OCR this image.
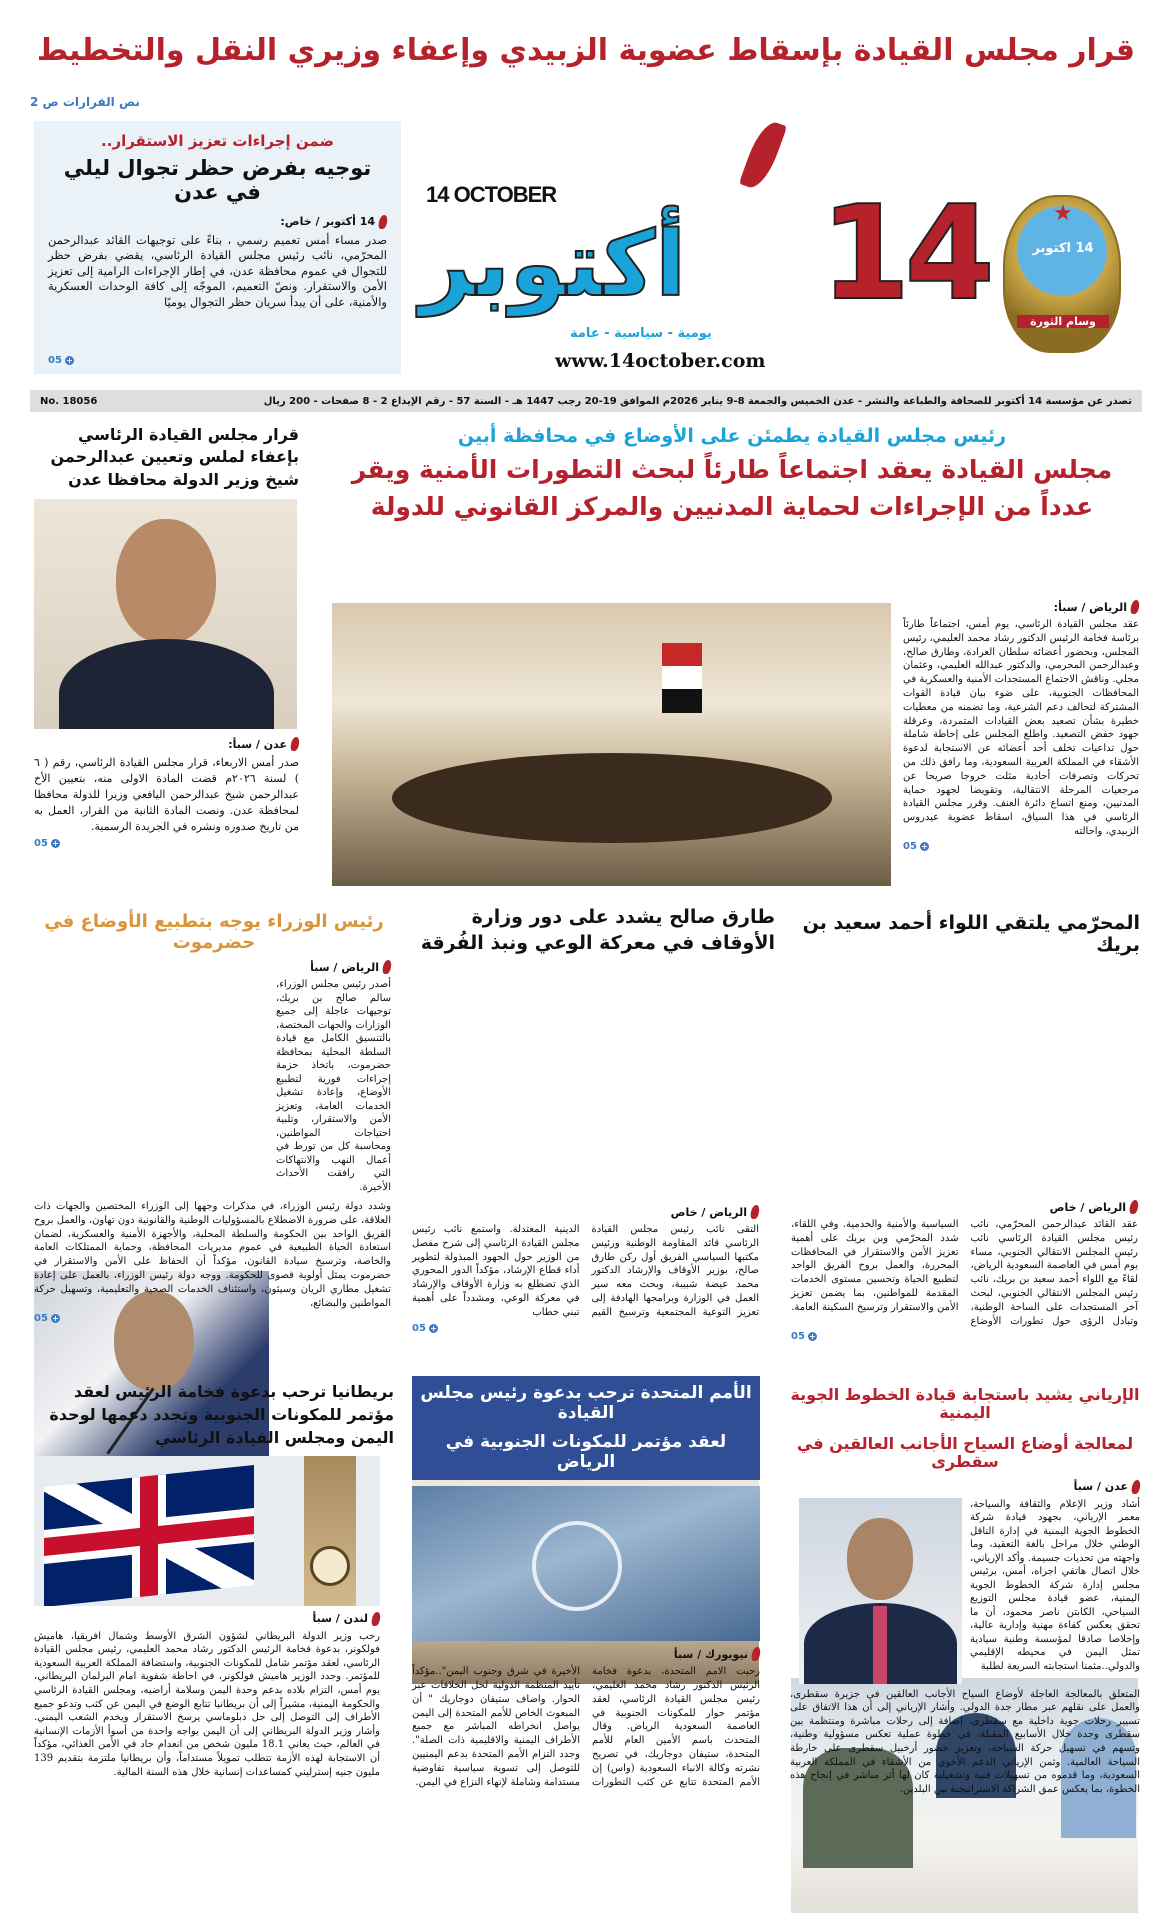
قرار مجلس القيادة بإسقاط عضوية الزبيدي وإعفاء وزيري النقل والتخطيط
نص القرارات ص 2
ضمن إجراءات تعزيز الاستقرار..
توجيه بفرض حظر تجوال ليلي في عدن
14 أكتوبر / خاص:
صدر مساء أمس تعميم رسمي ، بناءً على توجيهات القائد عبدالرحمن المحرّمي، نائب رئيس مجلس القيادة الرئاسي، يقضي بفرض حظر للتجوال في عموم محافظة عدن، في إطار الإجراءات الرامية إلى تعزيز الأمن والاستقرار. ونصّ التعميم، الموجّه إلى كافة الوحدات العسكرية والأمنية، على أن يبدأ سريان حظر التجوال يوميًا
05 +
14 OCTOBER
أكتوبر 14
يومية - سياسية - عامة
www.14october.com
★
14 اكتوبر
وسام الثورة
No. 18056	تصدر عن مؤسسة 14 أكتوبر للصحافة والطباعة والنشر - عدن الخميس والجمعة 8-9 يناير 2026م الموافق 19-20 رجب 1447 هـ - السنة 57 - رقم الإيداع 2 - 8 صفحات - 200 ريال
قرار مجلس القيادة الرئاسي بإعفاء لملس وتعيين عبدالرحمن شيخ وزير الدولة محافظا عدن
عدن / سبأ:
صدر أمس الاربعاء، قرار مجلس القيادة الرئاسي، رقم ( ٦ ) لسنة ٢٠٢٦م قضت المادة الاولى منه، بتعيين الأخ عبدالرحمن شيخ عبدالرحمن اليافعي وزيرا للدولة محافظا لمحافظة عدن. ونصت المادة الثانية من القرار، العمل به من تاريخ صدوره ونشره في الجريدة الرسمية.
05 +
رئيس مجلس القيادة يطمئن على الأوضاع في محافظة أبين
مجلس القيادة يعقد اجتماعاً طارئاً لبحث التطورات الأمنية ويقر
عدداً من الإجراءات لحماية المدنيين والمركز القانوني للدولة
الرياض / سبأ:
عقد مجلس القيادة الرئاسي، يوم أمس، اجتماعاً طارئاً برئاسة فخامة الرئيس الدكتور رشاد محمد العليمي، رئيس المجلس، وبحضور أعضائه سلطان العرادة، وطارق صالح، وعبدالرحمن المحرمي، والدكتور عبدالله العليمي، وعثمان مجلي. وناقش الاجتماع المستجدات الأمنية والعسكرية في المحافظات الجنوبية، على ضوء بيان قيادة القوات المشتركة لتحالف دعم الشرعية، وما تضمنه من معطيات خطيرة بشأن تصعيد بعض القيادات المتمردة، وعرقلة جهود خفض التصعيد. واطلع المجلس على إحاطة شاملة حول تداعيات تخلف أحد أعضائه عن الاستجابة لدعوة الأشقاء في المملكة العربية السعودية، وما رافق ذلك من تحركات وتصرفات أحادية مثلت خروجا صريحا عن مرجعيات المرحلة الانتقالية، وتقويضا لجهود حماية المدنيين، ومنع اتساع دائرة العنف. وقرر مجلس القيادة الرئاسي في هذا السياق، اسقاط عضوية عيدروس الزبيدي، واحالته
05 +
رئيس الوزراء يوجه بتطبيع الأوضاع في حضرموت
الرياض / سبأ
أصدر رئيس مجلس الوزراء، سالم صالح بن بريك، توجيهات عاجلة إلى جميع الوزارات والجهات المختصة، بالتنسيق الكامل مع قيادة السلطة المحلية بمحافظة حضرموت، باتخاذ حزمة إجراءات فورية لتطبيع الأوضاع، وإعادة تشغيل الخدمات العامة، وتعزيز الأمن والاستقرار، وتلبية احتياجات المواطنين، ومحاسبة كل من تورط في أعمال النهب والانتهاكات التي رافقت الأحداث الأخيرة.
وشدد دولة رئيس الوزراء، في مذكرات وجهها إلى الوزراء المختصين والجهات ذات العلاقة، على ضرورة الاضطلاع بالمسؤوليات الوطنية والقانونية دون تهاون، والعمل بروح الفريق الواحد بين الحكومة والسلطة المحلية، والأجهزة الأمنية والعسكرية، لضمان استعادة الحياة الطبيعية في عموم مديريات المحافظة، وحماية الممتلكات العامة والخاصة، وترسيخ سيادة القانون، مؤكداً أن الحفاظ على الأمن والاستقرار في حضرموت يمثل أولوية قصوى للحكومة. ووجه دولة رئيس الوزراء، بالعمل على إعادة تشغيل مطاري الريان وسيئون، واستئناف الخدمات الصحية والتعليمية، وتسهيل حركة المواطنين والبضائع،
05 +
طارق صالح يشدد على دور وزارة الأوقاف في معركة الوعي ونبذ الفُرقة
الرياض / خاص
التقى نائب رئيس مجلس القيادة الرئاسي قائد المقاومة الوطنية ورئيس مكتبها السياسي الفريق أول ركن طارق صالح، بوزير الأوقاف والإرشاد الدكتور محمد عيضة شبيبة، وبحث معه سير العمل في الوزارة وبرامجها الهادفة إلى تعزيز التوعية المجتمعية وترسيخ القيم الدينية المعتدلة. واستمع نائب رئيس مجلس القيادة الرئاسي إلى شرح مفصل من الوزير حول الجهود المبذولة لتطوير أداء قطاع الإرشاد، مؤكداً الدور المحوري الذي تضطلع به وزارة الأوقاف والإرشاد في معركة الوعي، ومشدداً على أهمية تبني خطاب
05 +
المحرّمي يلتقي اللواء أحمد سعيد بن بريك
الرياض / خاص
عقد القائد عبدالرحمن المحرّمي، نائب رئيس مجلس القيادة الرئاسي نائب رئيس المجلس الانتقالي الجنوبي، مساء يوم أمس في العاصمة السعودية الرياض، لقاءً مع اللواء أحمد سعيد بن بريك، نائب رئيس المجلس الانتقالي الجنوبي، لبحث آخر المستجدات على الساحة الوطنية، وتبادل الرؤى حول تطورات الأوضاع السياسية والأمنية والخدمية. وفي اللقاء، شدد المحرّمي وبن بريك على أهمية تعزيز الأمن والاستقرار في المحافظات المحررة، والعمل بروح الفريق الواحد لتطبيع الحياة وتحسين مستوى الخدمات المقدمة للمواطنين، بما يضمن تعزيز الأمن والاستقرار وترسيخ السكينة العامة.
05 +
بريطانيا ترحب بدعوة فخامة الرئيس لعقد مؤتمر للمكونات الجنوبية وتجدد دعمها لوحدة اليمن ومجلس القيادة الرئاسي
لندن / سبأ
رحب وزير الدولة البريطاني لشؤون الشرق الأوسط وشمال افريقيا، هاميش فولكونر، بدعوة فخامة الرئيس الدكتور رشاد محمد العليمي، رئيس مجلس القيادة الرئاسي، لعقد مؤتمر شامل للمكونات الجنوبية، واستضافة المملكة العربية السعودية للمؤتمر. وجدد الوزير هاميش فولكونر، في احاطة شفوية امام البرلمان البريطاني، يوم أمس، التزام بلاده بدعم وحدة اليمن وسلامة أراضيه، ومجلس القيادة الرئاسي والحكومة اليمنية، مشيراً إلى أن بريطانيا تتابع الوضع في اليمن عن كثب وتدعو جميع الأطراف إلى التوصل إلى حل دبلوماسي يرسخ الاستقرار ويخدم الشعب اليمني. وأشار وزير الدولة البريطاني إلى أن اليمن يواجه واحدة من أسوأ الأزمات الإنسانية في العالم، حيث يعاني 18.1 مليون شخص من انعدام حاد في الأمن الغذائي، مؤكداً أن الاستجابة لهذه الأزمة تتطلب تمويلاً مستداماً، وأن بريطانيا ملتزمة بتقديم 139 مليون جنيه إسترليني كمساعدات إنسانية خلال هذه السنة المالية.
الأمم المتحدة ترحب بدعوة رئيس مجلس القيادة
لعقد مؤتمر للمكونات الجنوبية في الرياض
نيويورك / سبأ
رحبت الامم المتحدة، بدعوة فخامة الرئيس الدكتور رشاد محمد العليمي، رئيس مجلس القيادة الرئاسي، لعقد مؤتمر حوار للمكونات الجنوبية في العاصمة السعودية الرياض. وقال المتحدث باسم الأمين العام للأمم المتحدة، ستيفان دوجاريك، في تصريح نشرته وكالة الانباء السعودية (واس) إن الأمم المتحدة تتابع عن كثب التطورات الأخيرة في شرق وجنوب اليمن"..مؤكداً تأييد المنظمة الدولية لحل الخلافات عبر الحوار. واضاف ستيفان دوجاريك " أن المبعوث الخاص للأمم المتحدة إلى اليمن يواصل انخراطه المباشر مع جميع الأطراف اليمنية والاقليمية ذات الصلة". وجدد التزام الأمم المتحدة بدعم اليمنيين للتوصل إلى تسوية سياسية تفاوضية مستدامة وشاملة لإنهاء النزاع في اليمن.
الإرياني يشيد باستجابة قيادة الخطوط الجوية اليمنية
لمعالجة أوضاع السياح الأجانب العالقين في سقطرى
عدن / سبأ
أشاد وزير الإعلام والثقافة والسياحة، معمر الإرياني، بجهود قيادة شركة الخطوط الجوية اليمنية في إدارة الناقل الوطني خلال مراحل بالغة التعقيد، وما واجهته من تحديات جسيمة. وأكد الإرياني، خلال اتصال هاتفي اجراه، أمس، برئيس مجلس إدارة شركة الخطوط الجوية اليمنية، عضو قيادة مجلس التوزيع السياحي، الكابتن ناصر محمود، أن ما تحقق يعكس كفاءة مهنية وإدارية عالية، وإخلاصا صادقا لمؤسسة وطنية سيادية تمثل اليمن في محيطه الإقليمي والدولي..مثمنا استجابته السريعة لطلبة
المتعلق بالمعالجة العاجلة لأوضاع السياح الأجانب العالقين في جزيرة سقطرى، والعمل على نقلهم عبر مطار جدة الدولي. وأشار الإرياني إلى أن هذا الاتفاق على تسيير رحلات جوية داخلية مع سقطرى، إضافة إلى رحلات مباشرة ومنتظمة بين سقطرى وجدة خلال الأسابيع المقبلة، في خطوة عملية تعكس مسؤولية وطنية، وتسهم في تسهيل حركة السياحة، وتعزيز حضور أرخبيل سقطرى على خارطة السياحة العالمية. وثمن الإرياني الدعم الأخوي من الأشقاء في المملكة العربية السعودية، وما قدموه من تسهيلات فنية وتشغيلية كان لها أثر مباشر في إنجاح هذه الخطوة، بما يعكس عمق الشراكة الاستراتيجية بين البلدين.
